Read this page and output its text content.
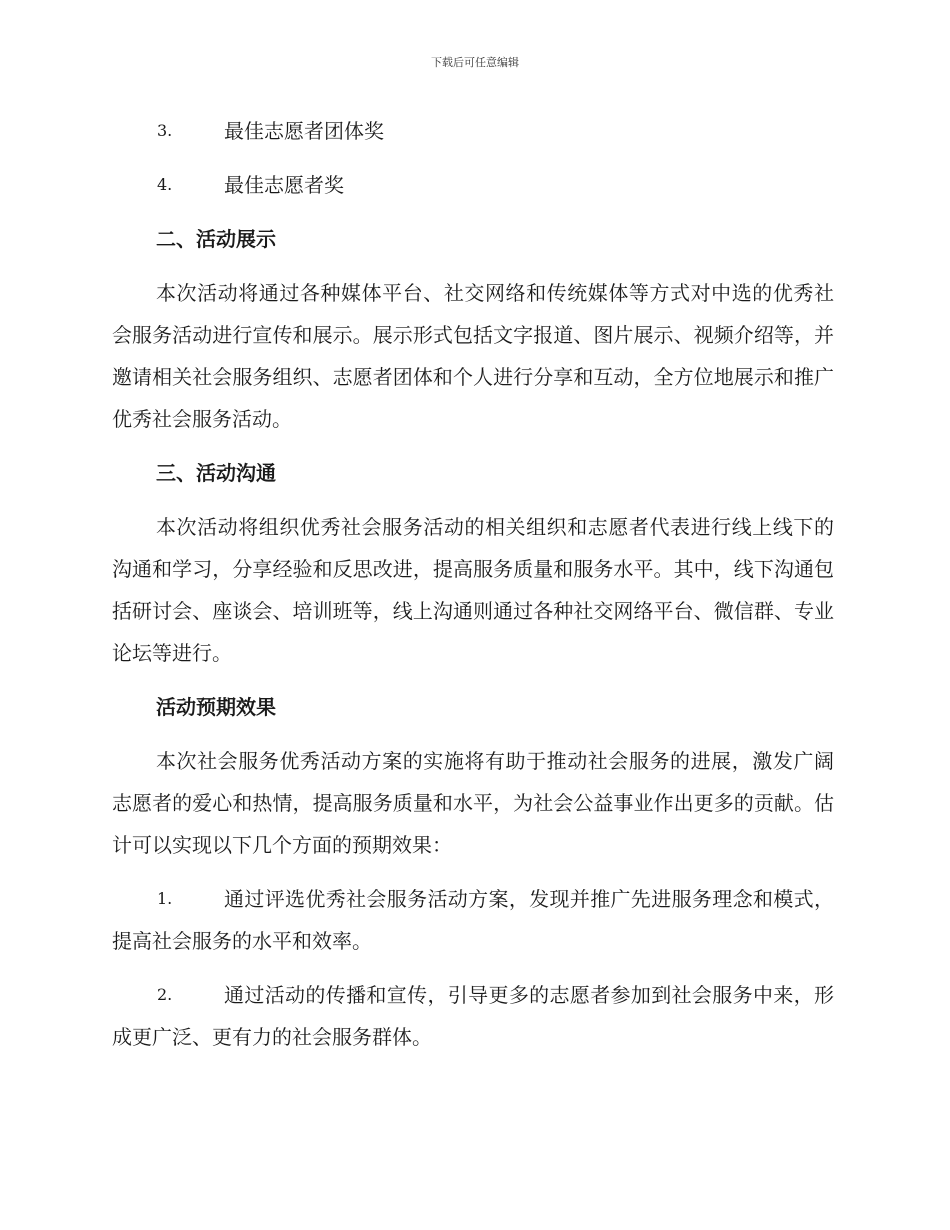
下载后可任意编辑

3.	最佳志愿者团体奖

4.	最佳志愿者奖

二、活动展示

本次活动将通过各种媒体平台、社交网络和传统媒体等方式对中选的优秀社会服务活动进行宣传和展示。展示形式包括文字报道、图片展示、视频介绍等，并邀请相关社会服务组织、志愿者团体和个人进行分享和互动，全方位地展示和推广优秀社会服务活动。

三、活动沟通

本次活动将组织优秀社会服务活动的相关组织和志愿者代表进行线上线下的沟通和学习，分享经验和反思改进，提高服务质量和服务水平。其中，线下沟通包括研讨会、座谈会、培训班等，线上沟通则通过各种社交网络平台、微信群、专业论坛等进行。

活动预期效果

本次社会服务优秀活动方案的实施将有助于推动社会服务的进展，激发广阔志愿者的爱心和热情，提高服务质量和水平，为社会公益事业作出更多的贡献。估计可以实现以下几个方面的预期效果：

1.	通过评选优秀社会服务活动方案，发现并推广先进服务理念和模式，提高社会服务的水平和效率。

2.	通过活动的传播和宣传，引导更多的志愿者参加到社会服务中来，形成更广泛、更有力的社会服务群体。
